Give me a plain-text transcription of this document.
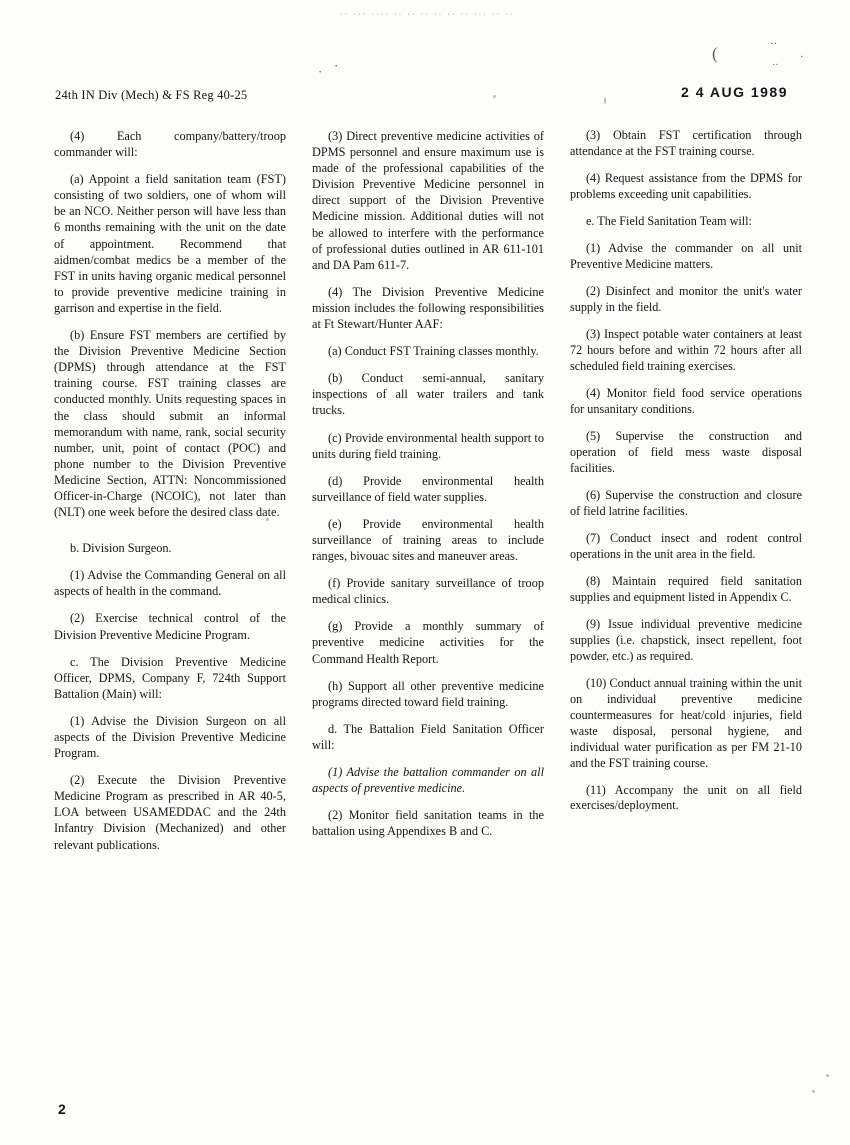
·· ··· ···· ·· ·· ·· ·· ·· ·· ··· ·· ··
(	··
·
··
· ·
24th IN Div (Mech) & FS Reg 40-25	2 4 AUG 1989

(4) Each company/battery/troop commander will:

(a) Appoint a field sanitation team (FST) consisting of two soldiers, one of whom will be an NCO. Neither person will have less than 6 months remaining with the unit on the date of appointment. Recommend that aidmen/combat medics be a member of the FST in units having organic medical personnel to provide preventive medicine training in garrison and expertise in the field.

(b) Ensure FST members are certified by the Division Preventive Medicine Section (DPMS) through attendance at the FST training course. FST training classes are conducted monthly. Units requesting spaces in the class should submit an informal memorandum with name, rank, social security number, unit, point of contact (POC) and phone number to the Division Preventive Medicine Section, ATTN: Noncommissioned Officer-in-Charge (NCOIC), not later than (NLT) one week before the desired class date.

b. Division Surgeon.

(1) Advise the Commanding General on all aspects of health in the command.

(2) Exercise technical control of the Division Preventive Medicine Program.

c. The Division Preventive Medicine Officer, DPMS, Company F, 724th Support Battalion (Main) will:

(1) Advise the Division Surgeon on all aspects of the Division Preventive Medicine Program.

(2) Execute the Division Preventive Medicine Program as prescribed in AR 40-5, LOA between USAMEDDAC and the 24th Infantry Division (Mechanized) and other relevant publications.

(3) Direct preventive medicine activities of DPMS personnel and ensure maximum use is made of the professional capabilities of the Division Preventive Medicine personnel in direct support of the Division Preventive Medicine mission. Additional duties will not be allowed to interfere with the performance of professional duties outlined in AR 611-101 and DA Pam 611-7.

(4) The Division Preventive Medicine mission includes the following responsibilities at Ft Stewart/Hunter AAF:

(a) Conduct FST Training classes monthly.

(b) Conduct semi-annual, sanitary inspections of all water trailers and tank trucks.

(c) Provide environmental health support to units during field training.

(d) Provide environmental health surveillance of field water supplies.

(e) Provide environmental health surveillance of training areas to include ranges, bivouac sites and maneuver areas.

(f) Provide sanitary surveillance of troop medical clinics.

(g) Provide a monthly summary of preventive medicine activities for the Command Health Report.

(h) Support all other preventive medicine programs directed toward field training.

d. The Battalion Field Sanitation Officer will:

(1) Advise the battalion commander on all aspects of preventive medicine.

(2) Monitor field sanitation teams in the battalion using Appendixes B and C.

(3) Obtain FST certification through attendance at the FST training course.

(4) Request assistance from the DPMS for problems exceeding unit capabilities.

e. The Field Sanitation Team will:

(1) Advise the commander on all unit Preventive Medicine matters.

(2) Disinfect and monitor the unit's water supply in the field.

(3) Inspect potable water containers at least 72 hours before and within 72 hours after all scheduled field training exercises.

(4) Monitor field food service operations for unsanitary conditions.

(5) Supervise the construction and operation of field mess waste disposal facilities.

(6) Supervise the construction and closure of field latrine facilities.

(7) Conduct insect and rodent control operations in the unit area in the field.

(8) Maintain required field sanitation supplies and equipment listed in Appendix C.

(9) Issue individual preventive medicine supplies (i.e. chapstick, insect repellent, foot powder, etc.) as required.

(10) Conduct annual training within the unit on individual preventive medicine countermeasures for heat/cold injuries, field waste disposal, personal hygiene, and individual water purification as per FM 21-10 and the FST training course.

(11) Accompany the unit on all field exercises/deployment.

2
